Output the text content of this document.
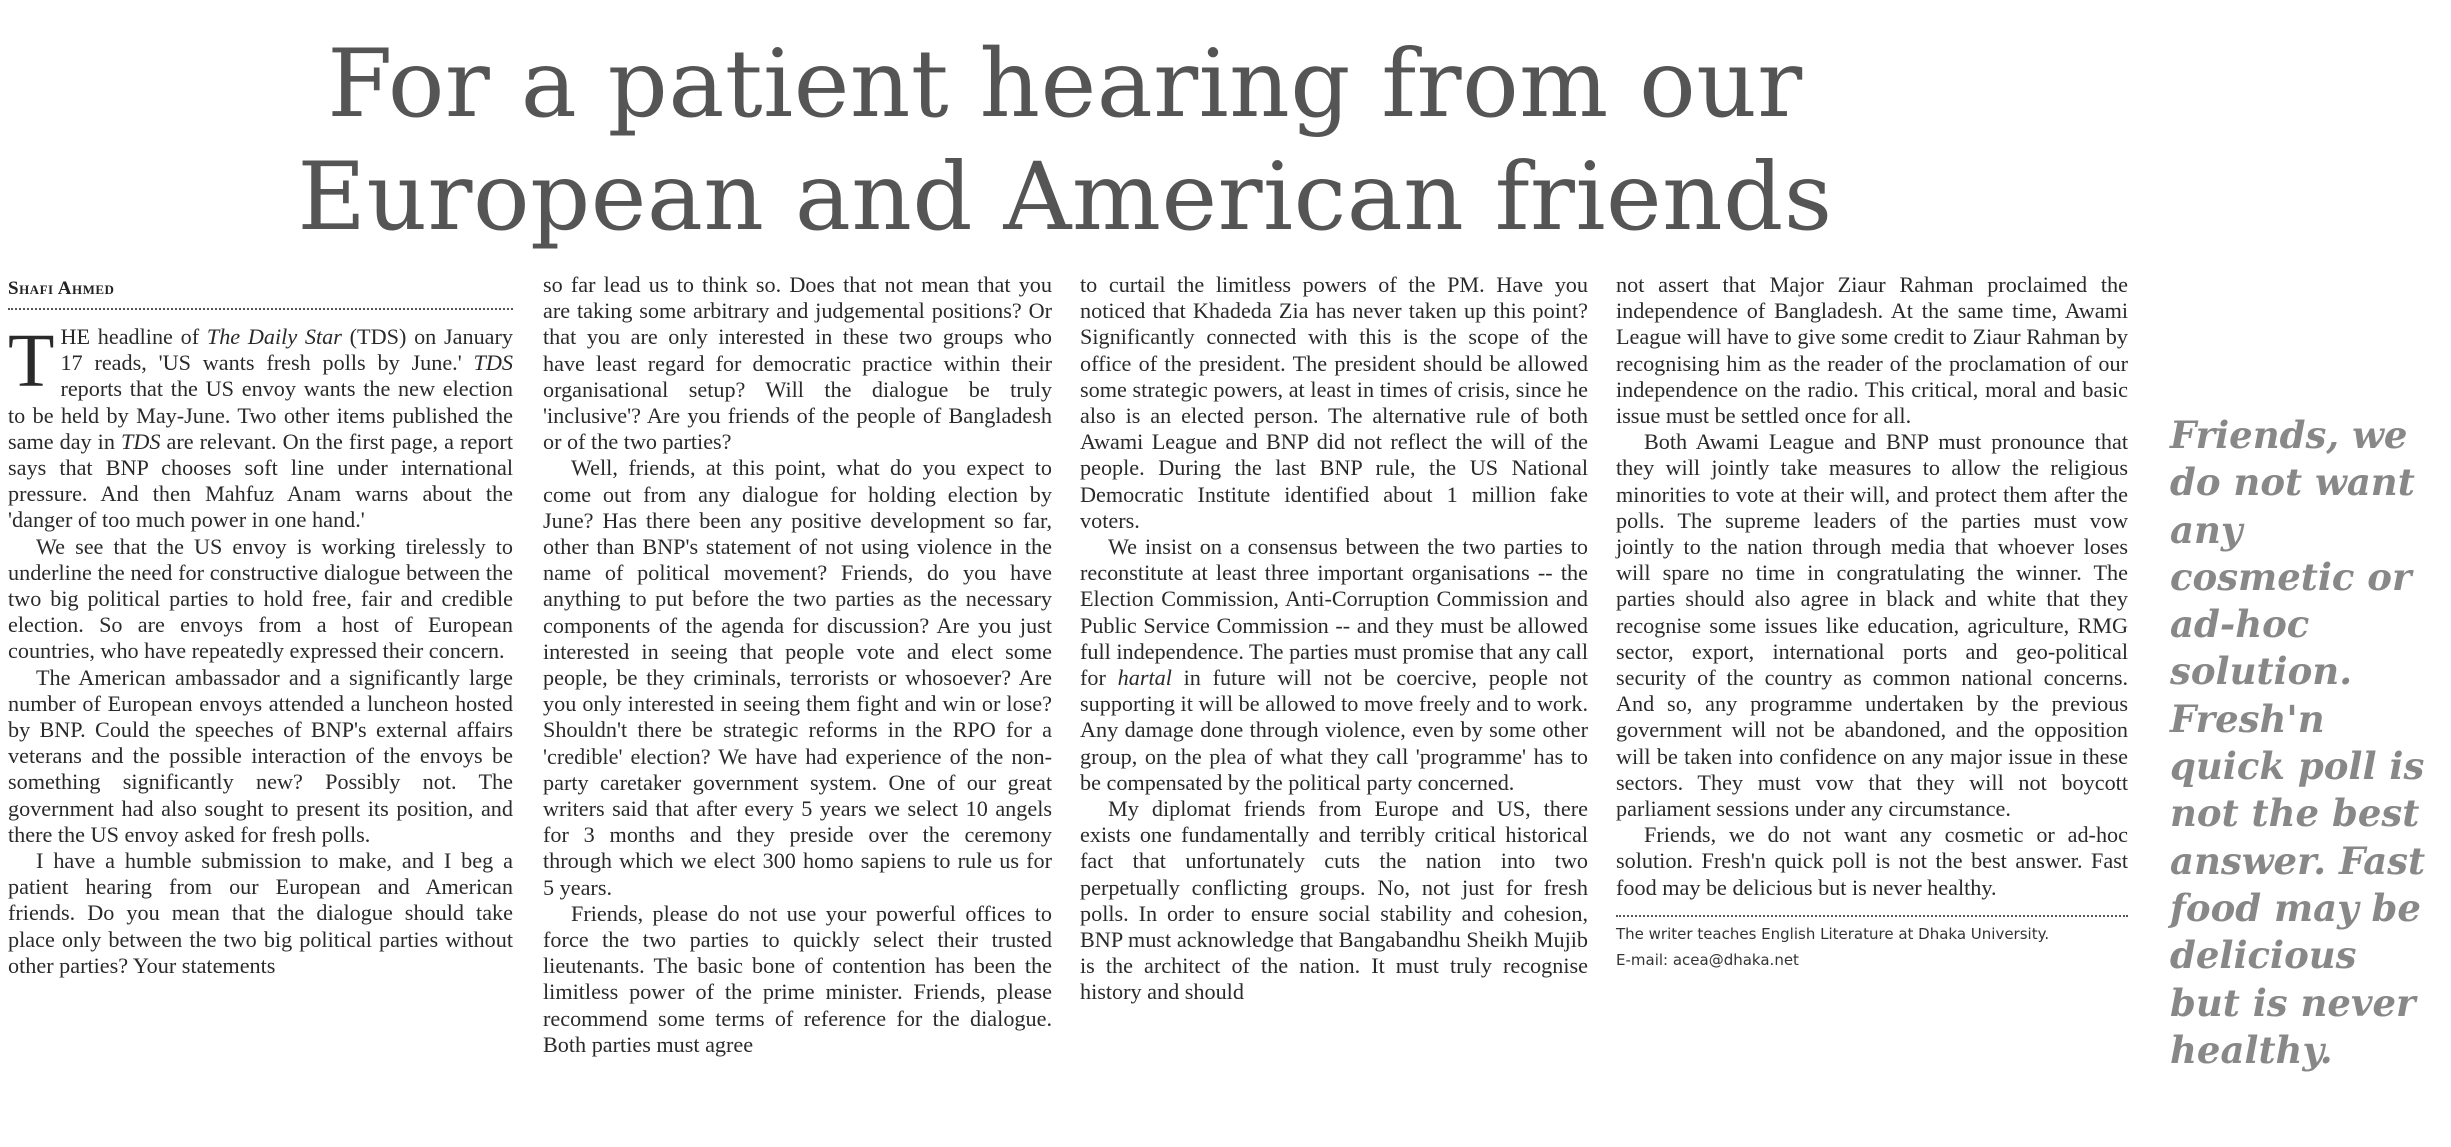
For a patient hearing from our European and American friends
Shafi Ahmed

THE headline of The Daily Star (TDS) on January 17 reads, 'US wants fresh polls by June.' TDS reports that the US envoy wants the new election to be held by May-June. Two other items published the same day in TDS are relevant. On the first page, a report says that BNP chooses soft line under international pressure. And then Mahfuz Anam warns about the 'danger of too much power in one hand.'

We see that the US envoy is working tirelessly to underline the need for constructive dialogue between the two big political parties to hold free, fair and credible election. So are envoys from a host of European countries, who have repeatedly expressed their concern.

The American ambassador and a significantly large number of European envoys attended a luncheon hosted by BNP. Could the speeches of BNP's external affairs veterans and the possible interaction of the envoys be something significantly new? Possibly not. The government had also sought to present its position, and there the US envoy asked for fresh polls.

I have a humble submission to make, and I beg a patient hearing from our European and American friends. Do you mean that the dialogue should take place only between the two big political parties without other parties? Your statements

so far lead us to think so. Does that not mean that you are taking some arbitrary and judgemental positions? Or that you are only interested in these two groups who have least regard for democratic practice within their organisational setup? Will the dialogue be truly 'inclusive'? Are you friends of the people of Bangladesh or of the two parties?

Well, friends, at this point, what do you expect to come out from any dialogue for holding election by June? Has there been any positive development so far, other than BNP's statement of not using violence in the name of political movement? Friends, do you have anything to put before the two parties as the necessary components of the agenda for discussion? Are you just interested in seeing that people vote and elect some people, be they criminals, terrorists or whosoever? Are you only interested in seeing them fight and win or lose? Shouldn't there be strategic reforms in the RPO for a 'credible' election? We have had experience of the non-party caretaker government system. One of our great writers said that after every 5 years we select 10 angels for 3 months and they preside over the ceremony through which we elect 300 homo sapiens to rule us for 5 years.

Friends, please do not use your powerful offices to force the two parties to quickly select their trusted lieutenants. The basic bone of contention has been the limitless power of the prime minister. Friends, please recommend some terms of reference for the dialogue. Both parties must agree

to curtail the limitless powers of the PM. Have you noticed that Khadeda Zia has never taken up this point? Significantly connected with this is the scope of the office of the president. The president should be allowed some strategic powers, at least in times of crisis, since he also is an elected person. The alternative rule of both Awami League and BNP did not reflect the will of the people. During the last BNP rule, the US National Democratic Institute identified about 1 million fake voters.

We insist on a consensus between the two parties to reconstitute at least three important organisations -- the Election Commission, Anti-Corruption Commission and Public Service Commission -- and they must be allowed full independence. The parties must promise that any call for hartal in future will not be coercive, people not supporting it will be allowed to move freely and to work. Any damage done through violence, even by some other group, on the plea of what they call 'programme' has to be compensated by the political party concerned.

My diplomat friends from Europe and US, there exists one fundamentally and terribly critical historical fact that unfortunately cuts the nation into two perpetually conflicting groups. No, not just for fresh polls. In order to ensure social stability and cohesion, BNP must acknowledge that Bangabandhu Sheikh Mujib is the architect of the nation. It must truly recognise history and should

not assert that Major Ziaur Rahman proclaimed the independence of Bangladesh. At the same time, Awami League will have to give some credit to Ziaur Rahman by recognising him as the reader of the proclamation of our independence on the radio. This critical, moral and basic issue must be settled once for all.

Both Awami League and BNP must pronounce that they will jointly take measures to allow the religious minorities to vote at their will, and protect them after the polls. The supreme leaders of the parties must vow jointly to the nation through media that whoever loses will spare no time in congratulating the winner. The parties should also agree in black and white that they recognise some issues like education, agriculture, RMG sector, export, international ports and geo-political security of the country as common national concerns. And so, any programme undertaken by the previous government will not be abandoned, and the opposition will be taken into confidence on any major issue in these sectors. They must vow that they will not boycott parliament sessions under any circumstance.

Friends, we do not want any cosmetic or ad-hoc solution. Fresh'n quick poll is not the best answer. Fast food may be delicious but is never healthy.

The writer teaches English Literature at Dhaka University.
E-mail: acea@dhaka.net
Friends, we do not want any cosmetic or ad-hoc solution. Fresh'n quick poll is not the best answer. Fast food may be delicious but is never healthy.
